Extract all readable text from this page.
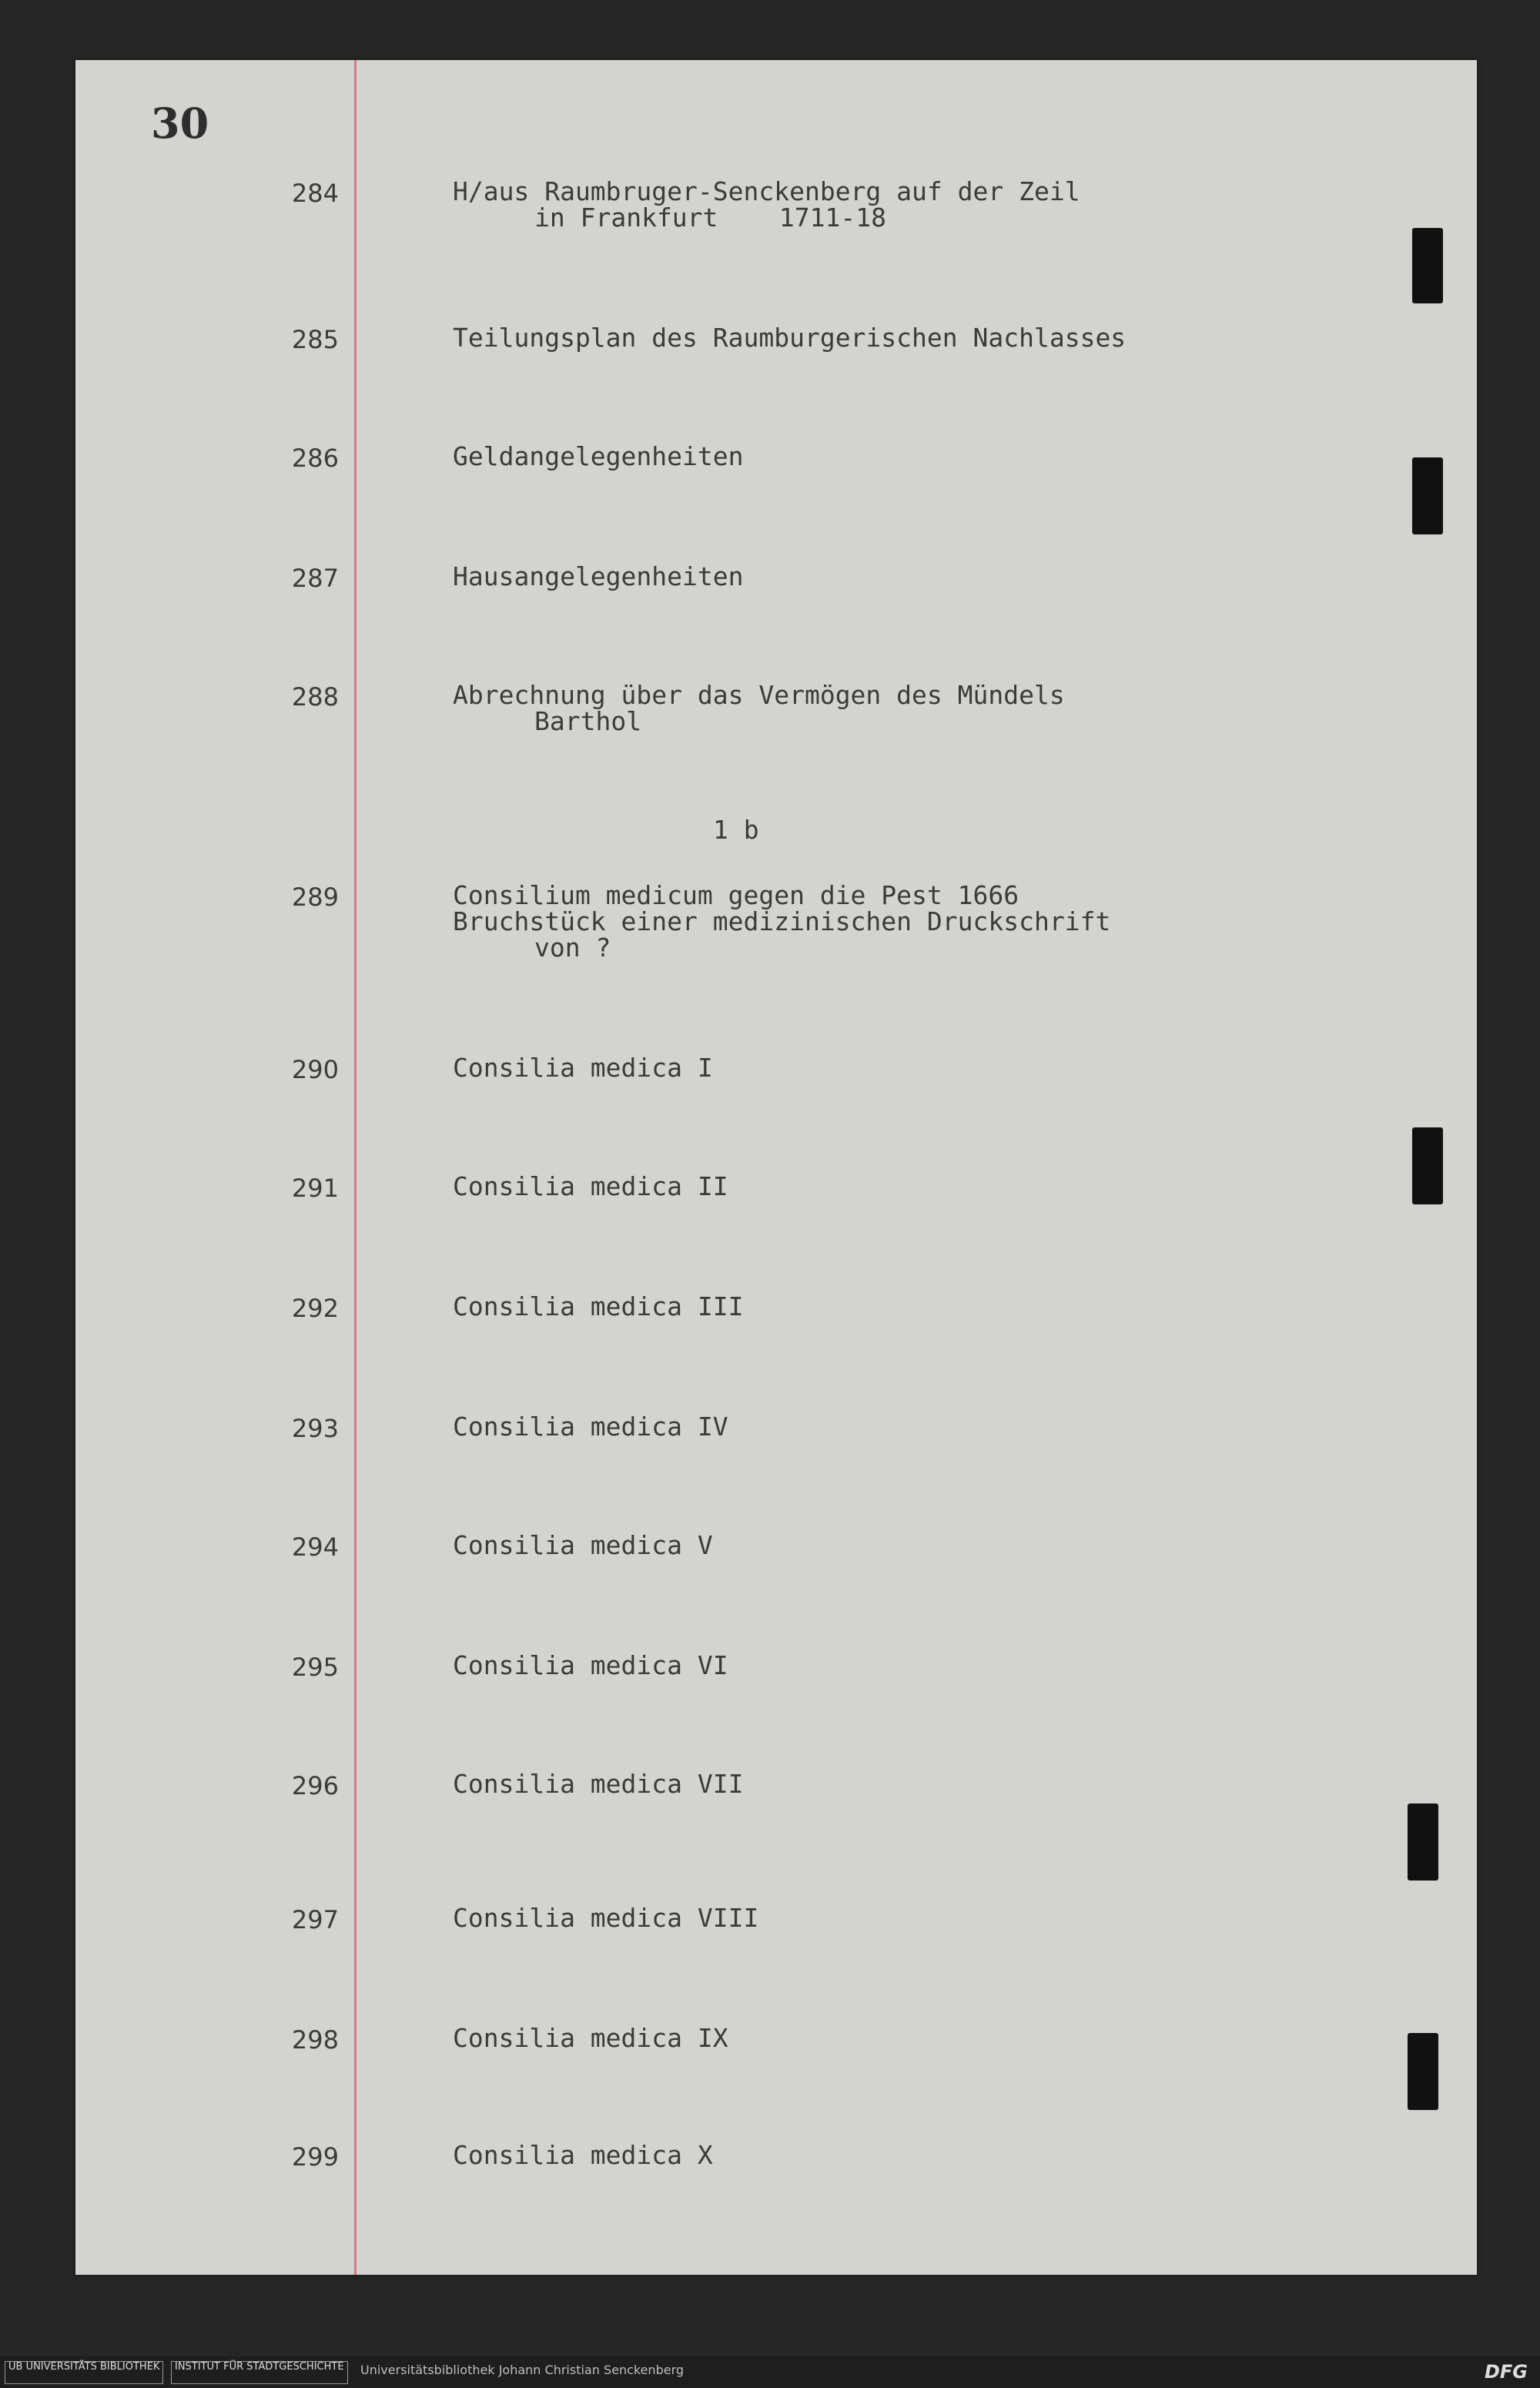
30
284	H/aus Raumbruger-Senckenberg auf der Zeil
in Frankfurt    1711-18
285	Teilungsplan des Raumburgerischen Nachlasses
286	Geldangelegenheiten
287	Hausangelegenheiten
288	Abrechnung über das Vermögen des Mündels
Barthol
1 b
289	Consilium medicum gegen die Pest 1666
Bruchstück einer medizinischen Druckschrift
von ?
290	Consilia medica I
291	Consilia medica II
292	Consilia medica III
293	Consilia medica IV
294	Consilia medica V
295	Consilia medica VI
296	Consilia medica VII
297	Consilia medica VIII
298	Consilia medica IX
299	Consilia medica X
UB UNIVERSITÄTS BIBLIOTHEK	INSTITUT FÜR STADTGESCHICHTE	Universitätsbibliothek Johann Christian Senckenberg	DFG
